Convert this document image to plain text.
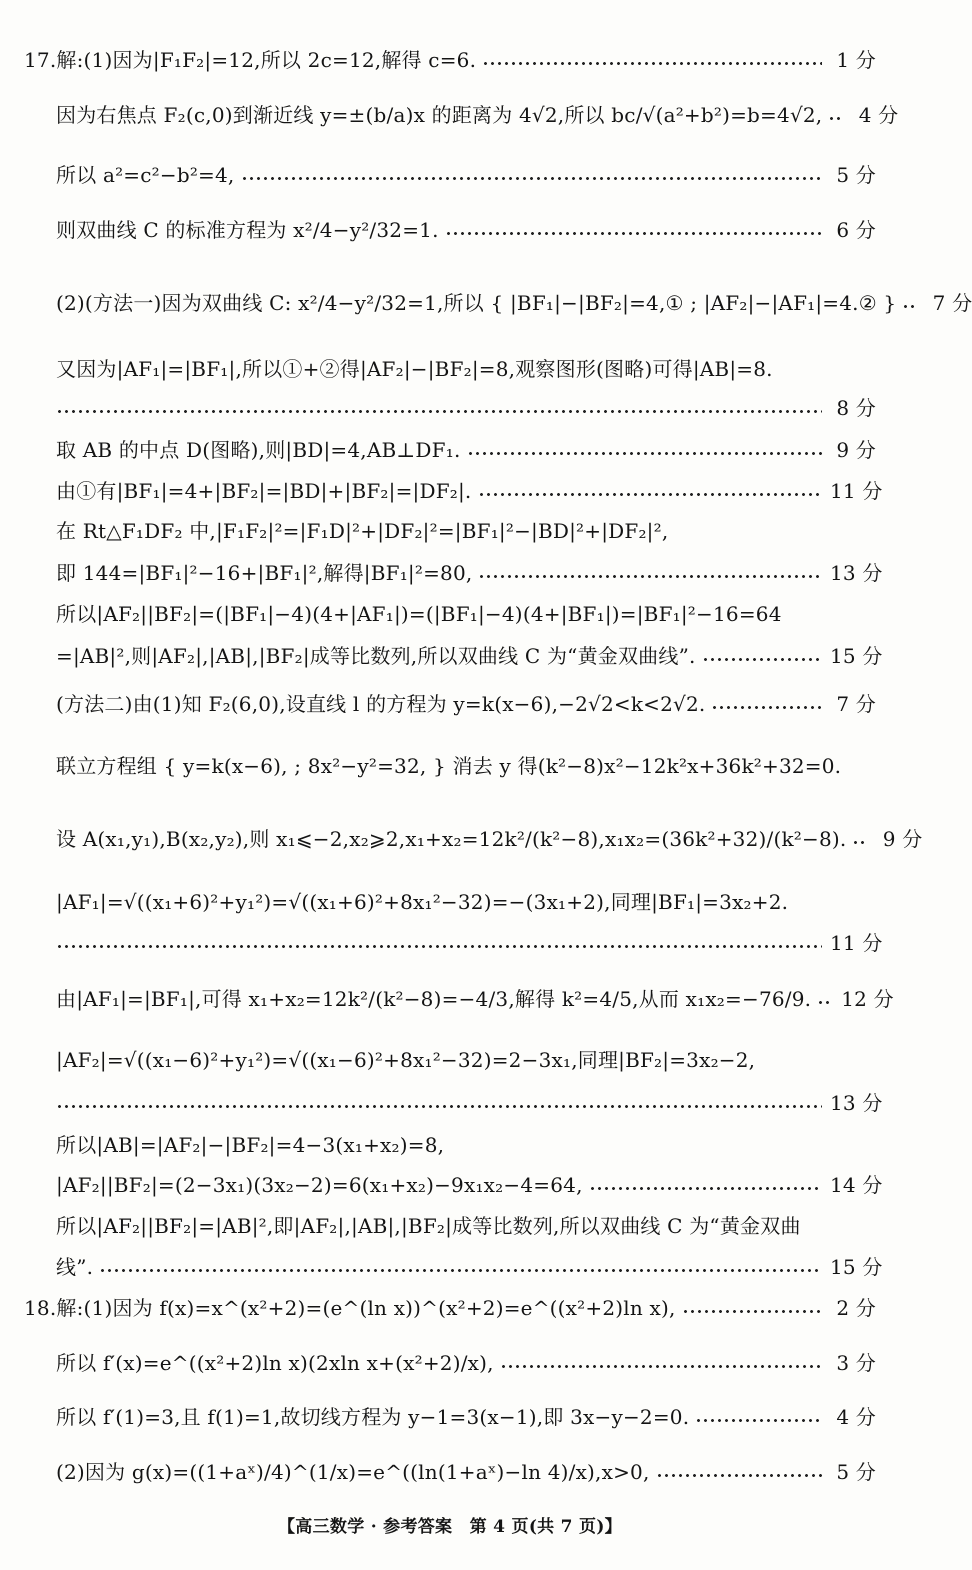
17.解:(1)因为|F₁F₂|=12,所以 2c=12,解得 c=6.	1 分
因为右焦点 F₂(c,0)到渐近线 y=±(b/a)x 的距离为 4√2,所以 bc/√(a²+b²)=b=4√2,	4 分
所以 a²=c²−b²=4,	5 分
则双曲线 C 的标准方程为 x²/4−y²/32=1.	6 分
(2)(方法一)因为双曲线 C: x²/4−y²/32=1,所以 { |BF₁|−|BF₂|=4,① ; |AF₂|−|AF₁|=4.② }	7 分
又因为|AF₁|=|BF₁|,所以①+②得|AF₂|−|BF₂|=8,观察图形(图略)可得|AB|=8.
8 分
取 AB 的中点 D(图略),则|BD|=4,AB⊥DF₁.	9 分
由①有|BF₁|=4+|BF₂|=|BD|+|BF₂|=|DF₂|.	11 分
在 Rt△F₁DF₂ 中,|F₁F₂|²=|F₁D|²+|DF₂|²=|BF₁|²−|BD|²+|DF₂|²,
即 144=|BF₁|²−16+|BF₁|²,解得|BF₁|²=80,	13 分
所以|AF₂||BF₂|=(|BF₁|−4)(4+|AF₁|)=(|BF₁|−4)(4+|BF₁|)=|BF₁|²−16=64
=|AB|²,则|AF₂|,|AB|,|BF₂|成等比数列,所以双曲线 C 为“黄金双曲线”.	15 分
(方法二)由(1)知 F₂(6,0),设直线 l 的方程为 y=k(x−6),−2√2<k<2√2.	7 分
联立方程组 { y=k(x−6), ; 8x²−y²=32, } 消去 y 得(k²−8)x²−12k²x+36k²+32=0.
设 A(x₁,y₁),B(x₂,y₂),则 x₁⩽−2,x₂⩾2,x₁+x₂=12k²/(k²−8),x₁x₂=(36k²+32)/(k²−8).	9 分
|AF₁|=√((x₁+6)²+y₁²)=√((x₁+6)²+8x₁²−32)=−(3x₁+2),同理|BF₁|=3x₂+2.
11 分
由|AF₁|=|BF₁|,可得 x₁+x₂=12k²/(k²−8)=−4/3,解得 k²=4/5,从而 x₁x₂=−76/9. 12 分
|AF₂|=√((x₁−6)²+y₁²)=√((x₁−6)²+8x₁²−32)=2−3x₁,同理|BF₂|=3x₂−2,
13 分
所以|AB|=|AF₂|−|BF₂|=4−3(x₁+x₂)=8,
|AF₂||BF₂|=(2−3x₁)(3x₂−2)=6(x₁+x₂)−9x₁x₂−4=64,	14 分
所以|AF₂||BF₂|=|AB|²,即|AF₂|,|AB|,|BF₂|成等比数列,所以双曲线 C 为“黄金双曲
线”.	15 分
18.解:(1)因为 f(x)=x^(x²+2)=(e^(ln x))^(x²+2)=e^((x²+2)ln x),	2 分
所以 f′(x)=e^((x²+2)ln x)(2xln x+(x²+2)/x),	3 分
所以 f′(1)=3,且 f(1)=1,故切线方程为 y−1=3(x−1),即 3x−y−2=0.	4 分
(2)因为 g(x)=((1+aˣ)/4)^(1/x)=e^((ln(1+aˣ)−ln 4)/x),x>0,	5 分
【高三数学 · 参考答案　第 4 页(共 7 页)】
